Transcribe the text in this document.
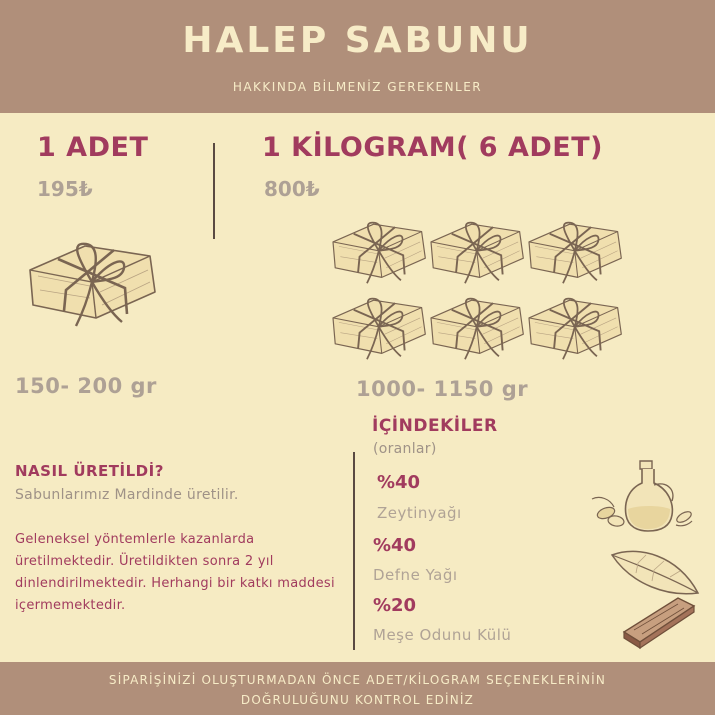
HALEP SABUNU
HAKKINDA BİLMENİZ GEREKENLER
1 ADET
195₺
150- 200 gr
1 KİLOGRAM( 6 ADET)
800₺
1000- 1150 gr
NASIL ÜRETİLDİ?
Sabunlarımız Mardinde üretilir.
Geleneksel yöntemlerle kazanlarda üretilmektedir. Üretildikten sonra 2 yıl dinlendirilmektedir. Herhangi bir katkı maddesi içermemektedir.
İÇİNDEKİLER
(oranlar)
%40
Zeytinyağı
%40
Defne Yağı
%20
Meşe Odunu Külü
SİPARİŞİNİZİ OLUŞTURMADAN ÖNCE ADET/KİLOGRAM SEÇENEKLERİNİN
DOĞRULUĞUNU KONTROL EDİNİZ
